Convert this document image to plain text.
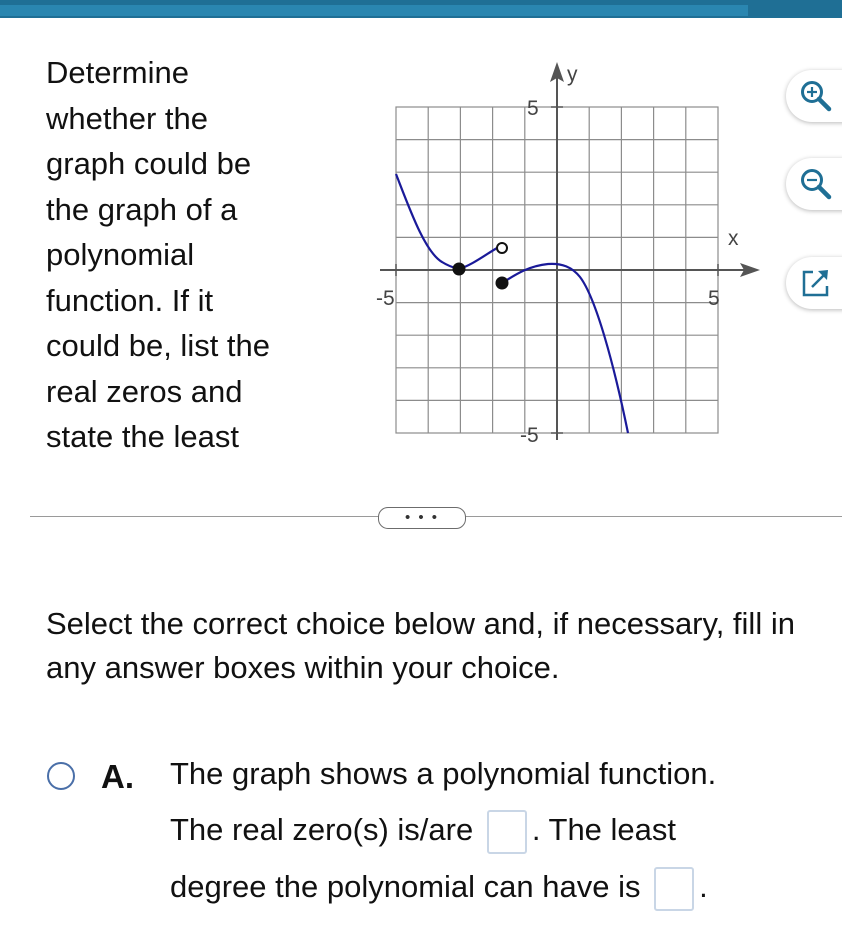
Determine
whether the
graph could be
the graph of a
polynomial
function. If it
could be, list the
real zeros and
state the least
-5	5
5
-5
y
x
• • •
Select the correct choice below and, if necessary, fill in any answer boxes within your choice.
A. The graph shows a polynomial function.
The real zero(s) is/are . The least
degree the polynomial can have is .
